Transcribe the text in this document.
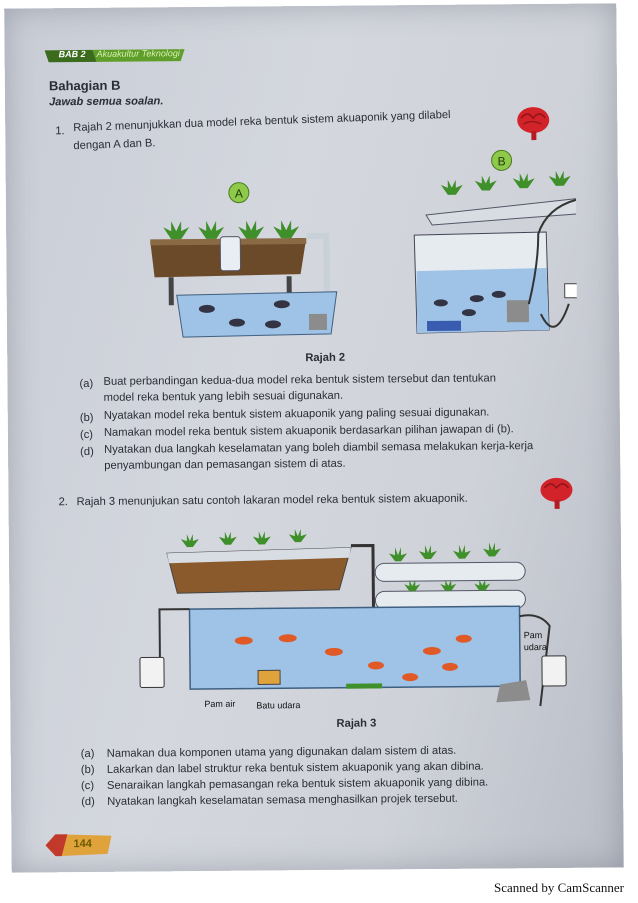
BAB 2 Akuakultur Teknologi
Bahagian B
Jawab semua soalan.
1. Rajah 2 menunjukkan dua model reka bentuk sistem akuaponik yang dilabel
dengan A dan B.
A
B
Rajah 2
(a) Buat perbandingan kedua-dua model reka bentuk sistem tersebut dan tentukan
model reka bentuk yang lebih sesuai digunakan.
(b) Nyatakan model reka bentuk sistem akuaponik yang paling sesuai digunakan.
(c) Namakan model reka bentuk sistem akuaponik berdasarkan pilihan jawapan di (b).
(d) Nyatakan dua langkah keselamatan yang boleh diambil semasa melakukan kerja-kerja
penyambungan dan pemasangan sistem di atas.
2. Rajah 3 menunjukan satu contoh lakaran model reka bentuk sistem akuaponik.
Pam air Batu udara
Pam
udara
Rajah 3
(a) Namakan dua komponen utama yang digunakan dalam sistem di atas.
(b) Lakarkan dan label struktur reka bentuk sistem akuaponik yang akan dibina.
(c) Senaraikan langkah pemasangan reka bentuk sistem akuaponik yang dibina.
(d) Nyatakan langkah keselamatan semasa menghasilkan projek tersebut.
144
Scanned by CamScanner
